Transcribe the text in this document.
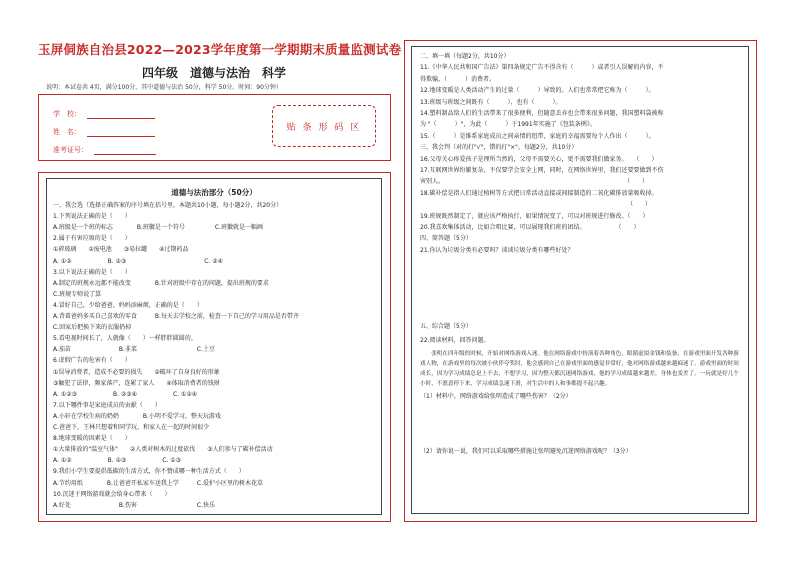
玉屏侗族自治县2022—2023学年度第一学期期末质量监测试卷
四年级　道德与法治　科学
说明：本试卷共 4页，满分100分，其中道德与法治 50分，科学 50分。时间：90分钟）
学　校：
姓　名：
准考证号：
贴 条 形 码 区
道德与法治部分（50分）
一、我会选（选择正确答案的序号填在括号里，本题共10小题，每小题2分，共20分）
1.下列说法正确的是（　　）
A.班级是一个班的标志　　　　B.班徽是一个符号　　　　　C.班徽就是一幅画
2.属于有害垃圾的是（　　）
①碎玻璃　　②废电池　　③易拉罐　　④过期药品
A. ①②　　　　　　B. ②③　　　　　　　　　　　　　C. ②④
3.以下说法正确的是（　　）
A.制定的班规永远都不能改变　　　　B.针对班级中存在的问题，提出班规的要求
C.班规专师说了算
4.冒好自己，少给爸爸、妈妈添麻烦，正确的是（　　）
A.背着爸妈多买自己喜欢的零食　　　B.每天去学校之前，检查一下自己的学习用品是否带齐
C.回家后把换下来的衣服扔掉
5.看电视时间长了，人就像（　　）一样胖胖圆圆的。
A.茄苗　　　　　　　　B.韭菜　　　　　　　　　　C.土豆
6.虚假广告的危害有（　　）
①误导消费者，造成不必要的损失　　②破坏了自身良好的形象
③触犯了法律，频家落产，连累了家人　　④体取消费者的钱财
A. ①②③　　　　　　B. ②③④　　　　　　C. ①②④
7.以下哪件事是家庭成员的贡献（　　）
A.小轩在学校生病的奶奶　　　　B.小明不爱学习，整天玩游戏
C.爸爸下，王林只想着和同学玩，和家人在一起的时间很少
8.地球变暖的因素是（　　）
①大量排放的"温室气体"　　②人类对树木的过度砍伐　　③人们参与了碳补偿活动
A. ①②　　　　　　B. ②③　　　　　　C. ①③
9.我们小学生要提倡低碳的生活方式，你不赞成哪一种生活方式（　　）
A.节约用纸　　　　B.让爸爸开私家车送我上学　　　C.爱护小区里的树木花草
10.沉迷于网络游戏就会给身心带来（　　）
A.好处　　　　　　　　B.伤害　　　　　　　　　　C.快乐
二、填一填（每题2分，共10分）
11.《中华人民共和国广告法》第四条规定广告不得含有（　　　）或者引人误解的内容，不
得欺骗、（　　　）消费者。
12.地球变暖是人类活动产生的过量（　　　）导致的。人们也常常把它称为（　　　）。
13.班级与班级之间既有（　　　），也有（　　　）。
14.塑料制品给人们的生活带来了很多便利，但随意丢弃也会带来很多问题，我国塑料袋被称
为 "（　　　）"，为此（　　　）于1991年实施了《包装条例》。
15.（　　　）是维系家庭成员之间亲情的纽带，家庭的幸福需要每个人作出（　　　）。
三、我会判（对的打"√"，错的打"×"。每题2分，共10分）
16.父母关心疼爱孩子是理所当然的，父母不需要关心，更不需要我们做家务。　　（　　）
17.互联网世界纷繁复杂，不仅要学会安全上网，同时，在网络世界里，我们还要要做到不伤
害别人。　　　　　　　　　　　　　　　　　　　　　　　　　　　　　　　（　　）
18.碳补偿是指人们通过植树等方式把日常活动直接或间接制造的二氧化碳排放量吸收掉。
　　　　　　　　　　　　　　　　　　　　　　　　　　　　　　　　　　　（　　）
19.班规既然制定了，就应该严格执行，如果情况变了，可以对班规进行修改。（　　）
20.我喜欢集体活动，比如合唱比赛，可以展现我们班的团结。　　　　　　（　　）
四、简答题（5分）
21.你认为垃圾分类有必要吗？谈谈垃圾分类有哪些好处？
五、综合题（5分）
22.阅读材料，回答问题。
　　张明在四年级的时候，开始对网络游戏入迷。他在网络游戏中扮演着各种角色，眼睛虚拟金钱和装备，在游戏里面开发各种游戏人物，在游戏里的每次被小伙伴夸奖时，他会感到自己在游戏里面的感觉非常好，他对网络游戏越来越痴迷了。游戏里面的时间成长，因为学习成绩总是上不去，不想学习，因为整天都沉迷网络游戏，他的学习成绩越来越差，身体也变差了。一玩就是好几个小时，不愿意停下来，学习成绩急速下滑，对生活中的人和事都提不起兴趣。
（1）材料中，网络游戏给张明造成了哪些伤害？（2分）
（2）请你说一说，我们可以采取哪些措施让张明避免沉迷网络游戏呢？（3分）
